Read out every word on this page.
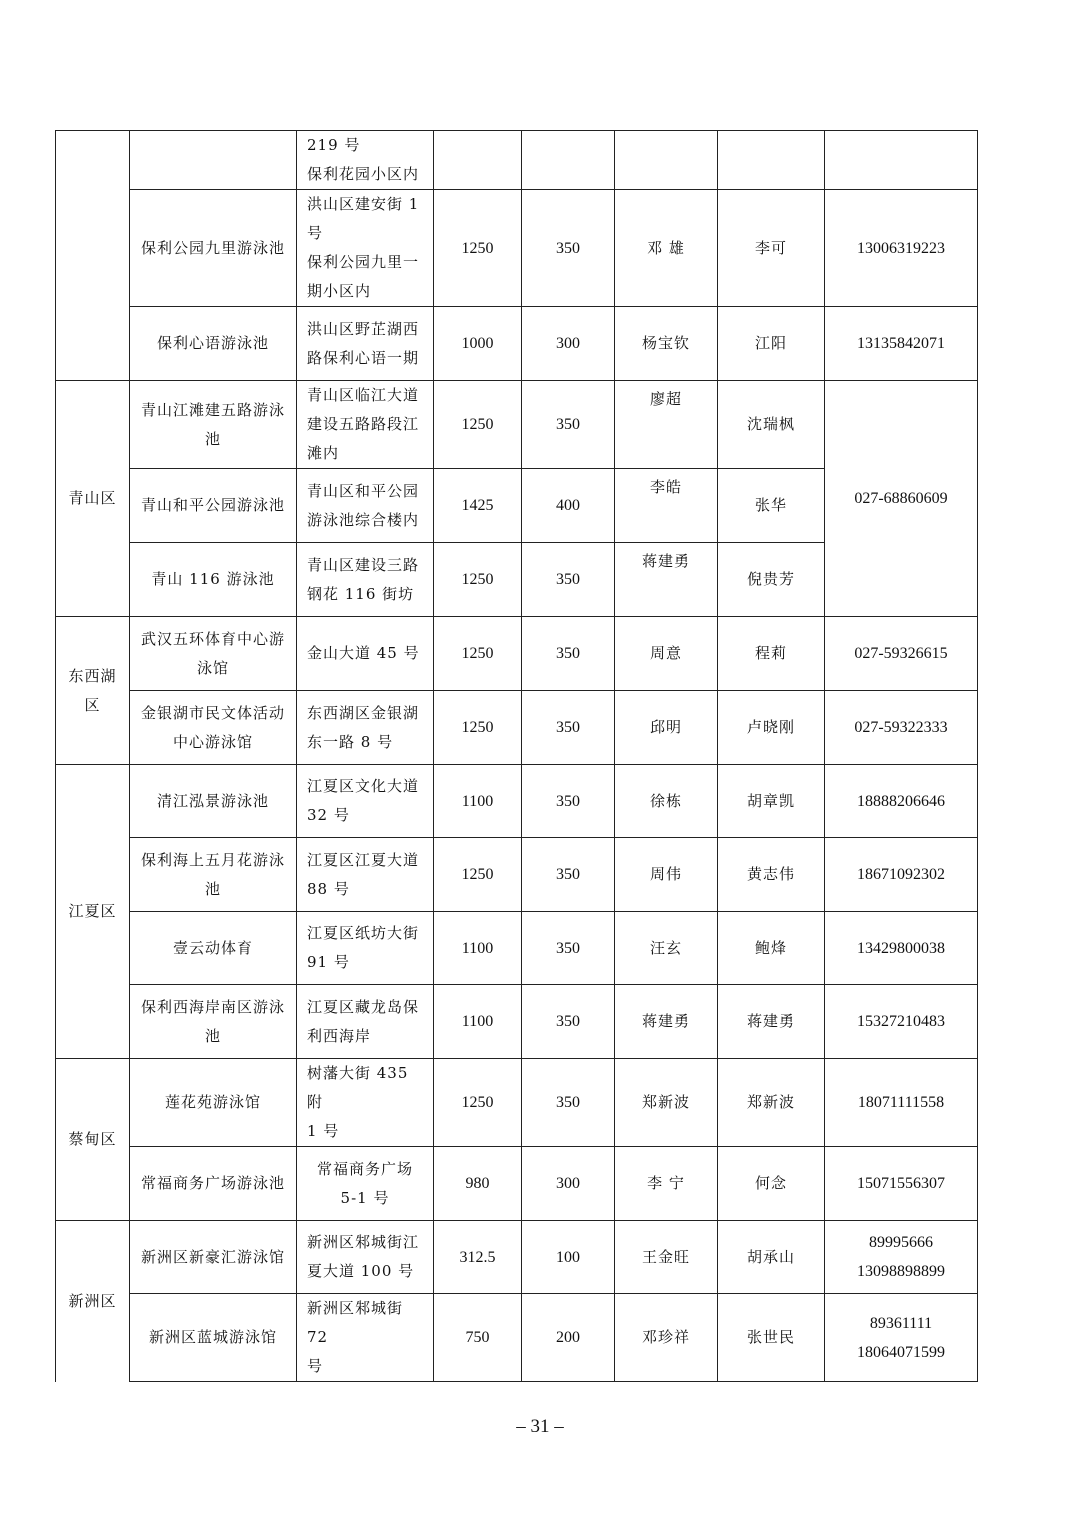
		219 号
保利花园小区内					
	保利公园九里游泳池	洪山区建安街 1
号
保利公园九里一
期小区内	1250	350	邓 雄	李可	13006319223
	保利心语游泳池	洪山区野芷湖西
路保利心语一期	1000	300	杨宝钦	江阳	13135842071
青山区	青山江滩建五路游泳
池	青山区临江大道
建设五路路段江
滩内	1250	350	廖超	沈瑞枫	027-68860609
	青山和平公园游泳池	青山区和平公园
游泳池综合楼内	1425	400	李皓	张华	
	青山 116 游泳池	青山区建设三路
钢花 116 街坊	1250	350	蒋建勇	倪贵芳	
东西湖
区	武汉五环体育中心游
泳馆	金山大道 45 号	1250	350	周意	程莉	027-59326615
	金银湖市民文体活动
中心游泳馆	东西湖区金银湖
东一路 8 号	1250	350	邱明	卢晓刚	027-59322333
江夏区	清江泓景游泳池	江夏区文化大道
32 号	1100	350	徐栋	胡章凯	18888206646
	保利海上五月花游泳
池	江夏区江夏大道
88 号	1250	350	周伟	黄志伟	18671092302
	壹云动体育	江夏区纸坊大街
91 号	1100	350	汪玄	鲍烽	13429800038
	保利西海岸南区游泳
池	江夏区藏龙岛保
利西海岸	1100	350	蒋建勇	蒋建勇	15327210483
蔡甸区	莲花苑游泳馆	树藩大街 435 附
1 号	1250	350	郑新波	郑新波	18071111558
	常福商务广场游泳池	常福商务广场
5-1 号	980	300	李 宁	何念	15071556307
新洲区	新洲区新豪汇游泳馆	新洲区邾城街江
夏大道 100 号	312.5	100	王金旺	胡承山	89995666
13098898899
	新洲区蓝城游泳馆	新洲区邾城街 72
号	750	200	邓珍祥	张世民	89361111
18064071599
– 31 –
